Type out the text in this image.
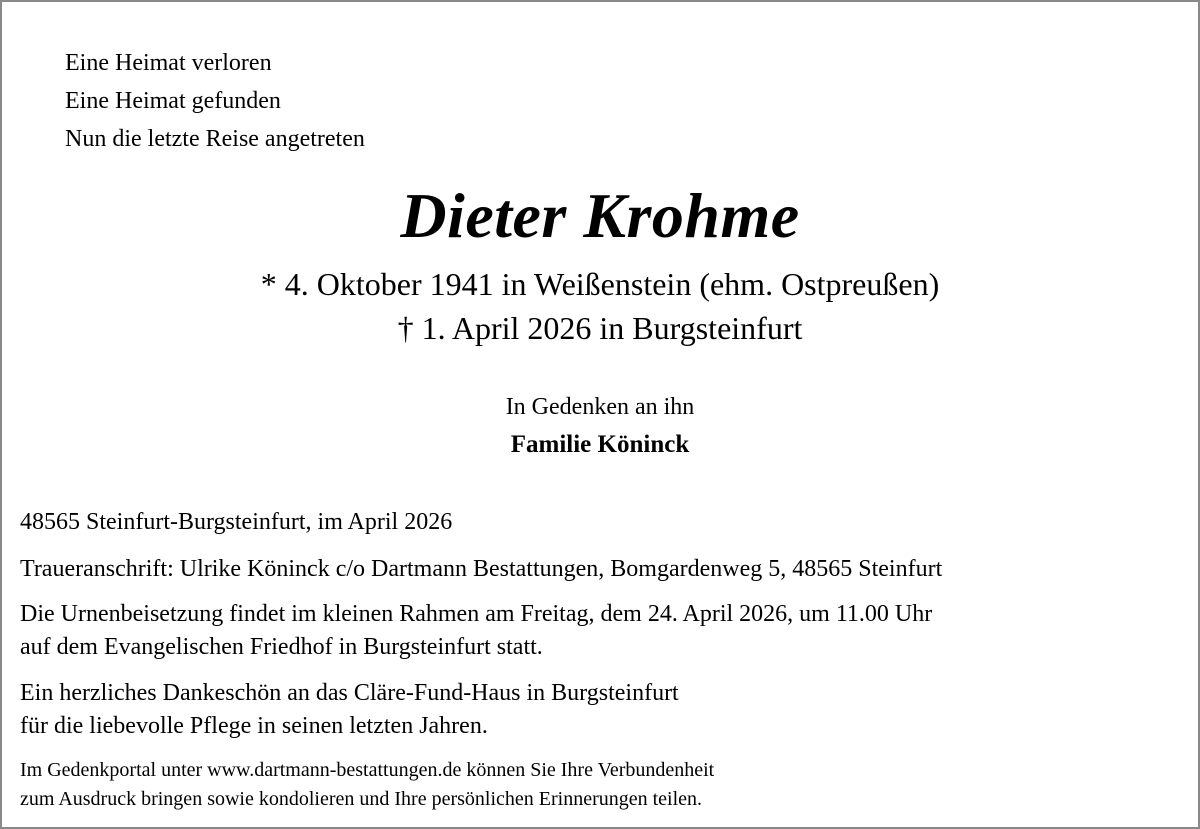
Eine Heimat verloren
Eine Heimat gefunden
Nun die letzte Reise angetreten
Dieter Krohme
* 4. Oktober 1941 in Weißenstein (ehm. Ostpreußen)
† 1. April 2026 in Burgsteinfurt
In Gedenken an ihn
Familie Köninck
48565 Steinfurt-Burgsteinfurt, im April 2026
Traueranschrift: Ulrike Köninck c/o Dartmann Bestattungen, Bomgardenweg 5, 48565 Steinfurt
Die Urnenbeisetzung findet im kleinen Rahmen am Freitag, dem 24. April 2026, um 11.00 Uhr
auf dem Evangelischen Friedhof in Burgsteinfurt statt.
Ein herzliches Dankeschön an das Cläre-Fund-Haus in Burgsteinfurt
für die liebevolle Pflege in seinen letzten Jahren.
Im Gedenkportal unter www.dartmann-bestattungen.de können Sie Ihre Verbundenheit
zum Ausdruck bringen sowie kondolieren und Ihre persönlichen Erinnerungen teilen.
